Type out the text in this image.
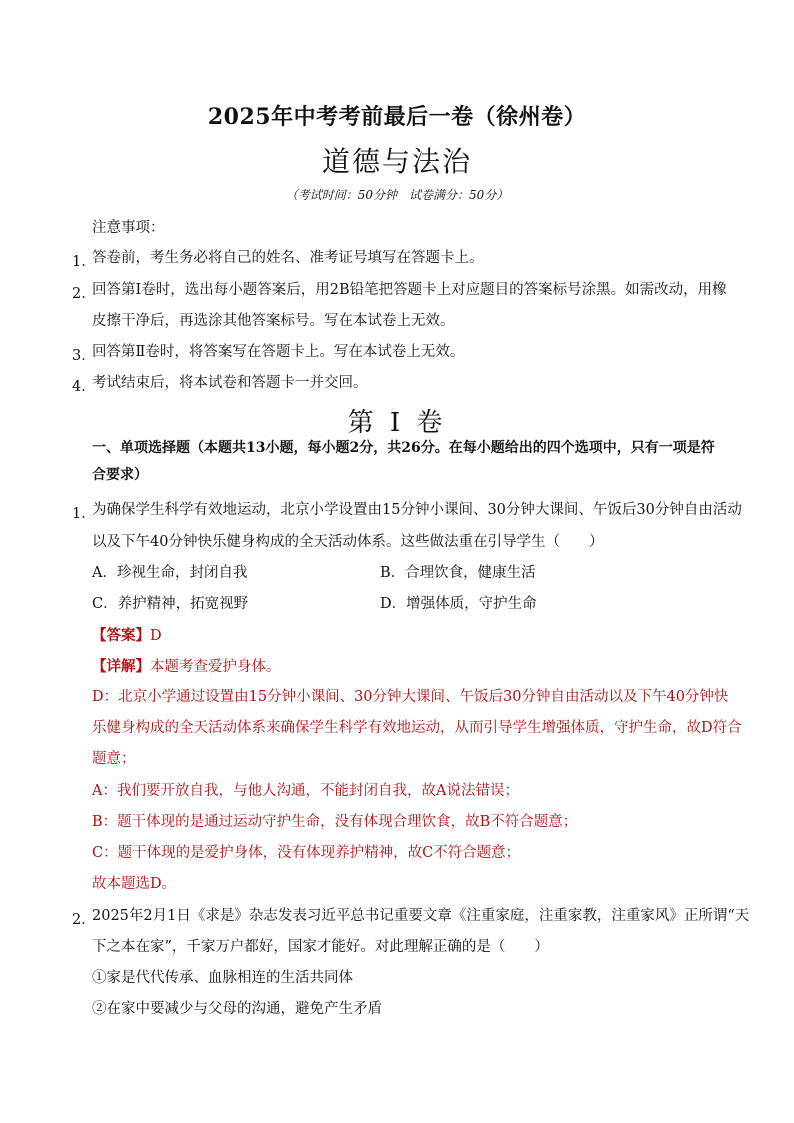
2025年中考考前最后一卷（徐州卷）
道德与法治
（考试时间：50分钟　试卷满分：50分）
注意事项：
1．
答卷前，考生务必将自己的姓名、准考证号填写在答题卡上。
2．
回答第Ⅰ卷时，选出每小题答案后，用2B铅笔把答题卡上对应题目的答案标号涂黑。如需改动，用橡
皮擦干净后，再选涂其他答案标号。写在本试卷上无效。
3．
回答第Ⅱ卷时，将答案写在答题卡上。写在本试卷上无效。
4．
考试结束后，将本试卷和答题卡一并交回。
第 I 卷
一、单项选择题（本题共13小题，每小题2分，共26分。在每小题给出的四个选项中，只有一项是符
合要求）
1．
为确保学生科学有效地运动，北京小学设置由15分钟小课间、30分钟大课间、午饭后30分钟自由活动
以及下午40分钟快乐健身构成的全天活动体系。这些做法重在引导学生（　　）
A．珍视生命，封闭自我	B．合理饮食，健康生活
C．养护精神，拓宽视野	D．增强体质，守护生命
【答案】D
【详解】本题考查爱护身体。
D：北京小学通过设置由15分钟小课间、30分钟大课间、午饭后30分钟自由活动以及下午40分钟快
乐健身构成的全天活动体系来确保学生科学有效地运动，从而引导学生增强体质，守护生命，故D符合
题意；
A：我们要开放自我，与他人沟通，不能封闭自我，故A说法错误；
B：题干体现的是通过运动守护生命，没有体现合理饮食，故B不符合题意；
C：题干体现的是爱护身体，没有体现养护精神，故C不符合题意；
故本题选D。
2．
2025年2月1日《求是》杂志发表习近平总书记重要文章《注重家庭，注重家教，注重家风》正所谓“天
下之本在家”，千家万户都好，国家才能好。对此理解正确的是（　　）
①家是代代传承、血脉相连的生活共同体
②在家中要减少与父母的沟通，避免产生矛盾
